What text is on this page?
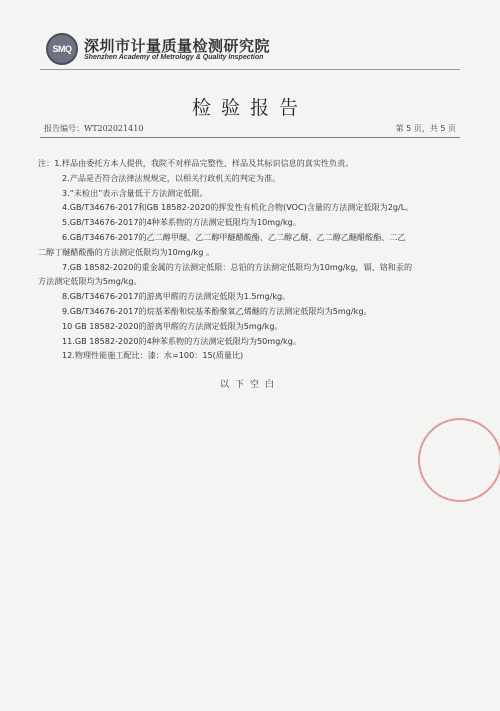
SMQ 深圳市计量质量检测研究院
Shenzhen Academy of Metrology & Quality Inspection
检验报告
报告编号：WT202021410	第 5 页，共 5 页

注：1.样品由委托方本人提供，我院不对样品完整性、样品及其标识信息的真实性负责。

2.产品是否符合法律法规规定，以相关行政机关的判定为准。

3.“未检出”表示含量低于方法测定低限。

4.GB/T34676-2017和GB 18582-2020的挥发性有机化合物(VOC)含量的方法测定低限为2g/L。

5.GB/T34676-2017的4种苯系物的方法测定低限均为10mg/kg。

6.GB/T34676-2017的乙二醇甲醚、乙二醇甲醚醋酸酯、乙二醇乙醚、乙二醇乙醚醋酸酯、二乙

二醇丁醚醋酸酯的方法测定低限均为10mg/kg 。

7.GB 18582-2020的重金属的方法测定低限：总铅的方法测定低限均为10mg/kg，镉、铬和汞的

方法测定低限均为5mg/kg。

8.GB/T34676-2017的游离甲醛的方法测定低限为1.5mg/kg。

9.GB/T34676-2017的烷基苯酚和烷基苯酚聚氧乙烯醚的方法测定低限均为5mg/kg。

10 GB 18582-2020的游离甲醛的方法测定低限为5mg/kg。

11.GB 18582-2020的4种苯系物的方法测定低限均为50mg/kg。

12.物理性能施工配比：漆：水=100：15(质量比)

以下空白
